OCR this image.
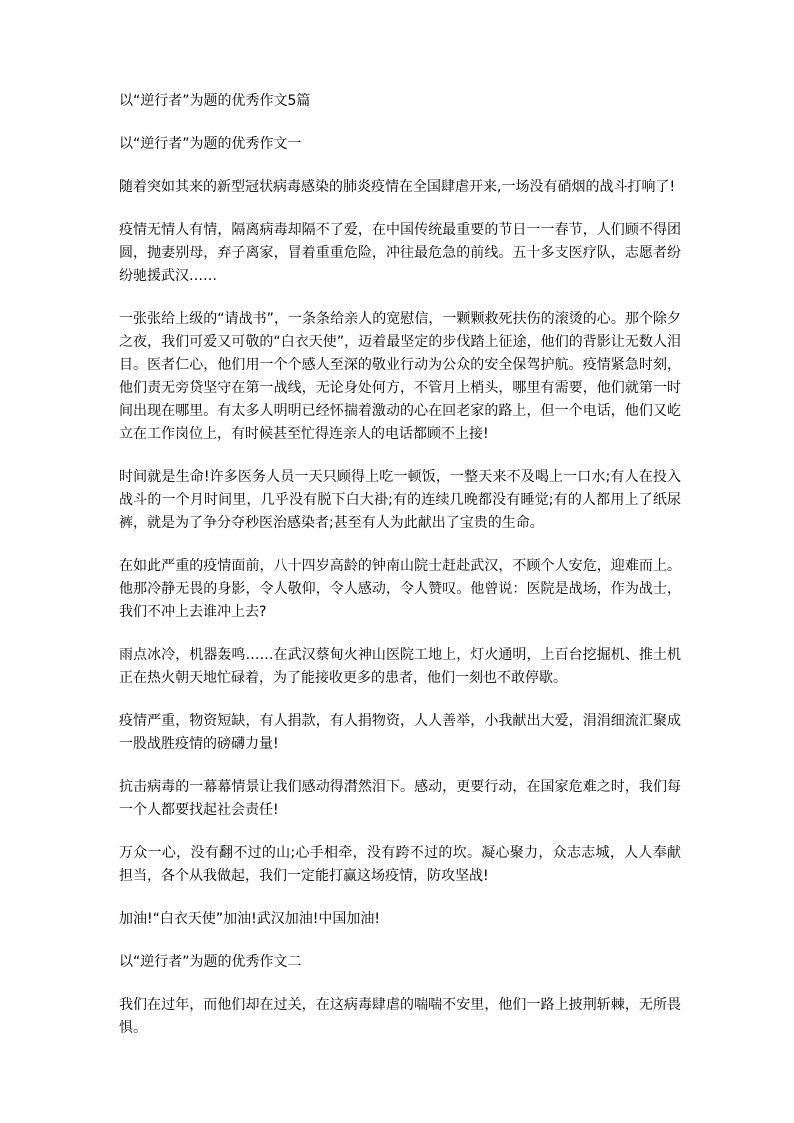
以“逆行者”为题的优秀作文5篇

以“逆行者”为题的优秀作文一

随着突如其来的新型冠状病毒感染的肺炎疫情在全国肆虐开来,一场没有硝烟的战斗打响了!

疫情无情人有情，隔离病毒却隔不了爱，在中国传统最重要的节日一一春节，人们顾不得团圆，抛妻别母，弃子离家，冒着重重危险，冲往最危急的前线。五十多支医疗队，志愿者纷纷驰援武汉……

一张张给上级的“请战书”，一条条给亲人的宽慰信，一颗颗救死扶伤的滚烫的心。那个除夕之夜，我们可爱又可敬的“白衣天使”，迈着最坚定的步伐踏上征途，他们的背影让无数人泪目。医者仁心，他们用一个个感人至深的敬业行动为公众的安全保驾护航。疫情紧急时刻，他们责无旁贷坚守在第一战线，无论身处何方，不管月上梢头，哪里有需要，他们就第一时间出现在哪里。有太多人明明已经怀揣着激动的心在回老家的路上，但一个电话，他们又屹立在工作岗位上，有时候甚至忙得连亲人的电话都顾不上接!

时间就是生命!许多医务人员一天只顾得上吃一顿饭，一整天来不及喝上一口水;有人在投入战斗的一个月时间里，几乎没有脱下白大褂;有的连续几晚都没有睡觉;有的人都用上了纸尿裤，就是为了争分夺秒医治感染者;甚至有人为此献出了宝贵的生命。

在如此严重的疫情面前，八十四岁高龄的钟南山院士赶赴武汉，不顾个人安危，迎难而上。他那冷静无畏的身影，令人敬仰，令人感动，令人赞叹。他曾说：医院是战场，作为战士，我们不冲上去谁冲上去?

雨点冰冷，机器轰鸣……在武汉蔡甸火神山医院工地上，灯火通明，上百台挖掘机、推土机正在热火朝天地忙碌着，为了能接收更多的患者，他们一刻也不敢停歇。

疫情严重，物资短缺，有人捐款，有人捐物资，人人善举，小我献出大爱，涓涓细流汇聚成一股战胜疫情的磅礴力量!

抗击病毒的一幕幕情景让我们感动得潸然泪下。感动，更要行动，在国家危难之时，我们每一个人都要找起社会责任!

万众一心，没有翻不过的山;心手相牵，没有跨不过的坎。凝心聚力，众志志城，人人奉献担当，各个从我做起，我们一定能打赢这场疫情，防攻坚战!

加油!“白衣天使”加油!武汉加油!中国加油!

以“逆行者”为题的优秀作文二

我们在过年，而他们却在过关，在这病毒肆虐的喘喘不安里，他们一路上披荆斩棘，无所畏惧。
